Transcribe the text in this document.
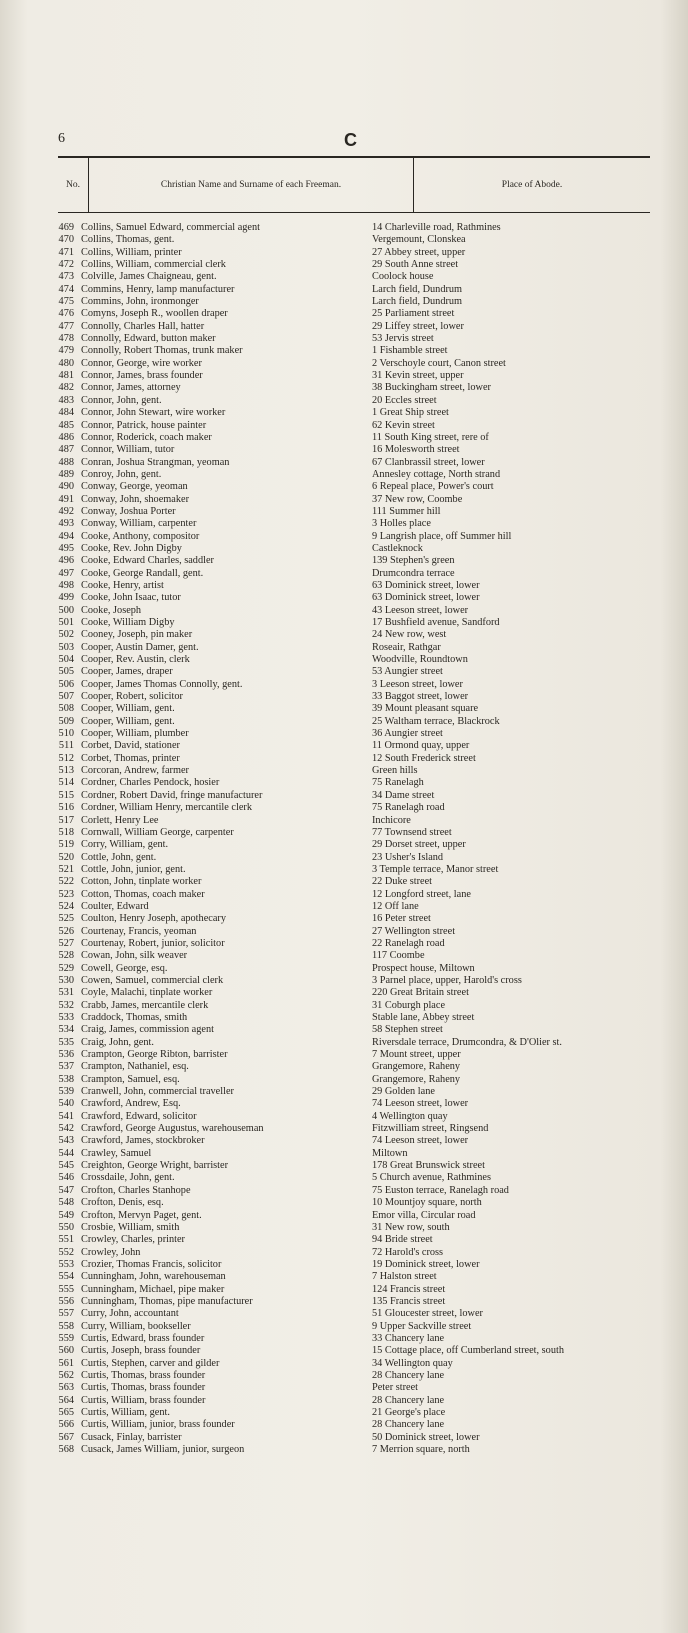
6	C
No.	Christian Name and Surname of each Freeman.	Place of Abode.
469 Collins, Samuel Edward, commercial agent	14 Charleville road, Rathmines
470 Collins, Thomas, gent.	Vergemount, Clonskea
471 Collins, William, printer	27 Abbey street, upper
472 Collins, William, commercial clerk	29 South Anne street
473 Colville, James Chaigneau, gent.	Coolock house
474 Commins, Henry, lamp manufacturer	Larch field, Dundrum
475 Commins, John, ironmonger	Larch field, Dundrum
476 Comyns, Joseph R., woollen draper	25 Parliament street
477 Connolly, Charles Hall, hatter	29 Liffey street, lower
478 Connolly, Edward, button maker	53 Jervis street
479 Connolly, Robert Thomas, trunk maker	1 Fishamble street
480 Connor, George, wire worker	2 Verschoyle court, Canon street
481 Connor, James, brass founder	31 Kevin street, upper
482 Connor, James, attorney	38 Buckingham street, lower
483 Connor, John, gent.	20 Eccles street
484 Connor, John Stewart, wire worker	1 Great Ship street
485 Connor, Patrick, house painter	62 Kevin street
486 Connor, Roderick, coach maker	11 South King street, rere of
487 Connor, William, tutor	16 Molesworth street
488 Conran, Joshua Strangman, yeoman	67 Clanbrassil street, lower
489 Conroy, John, gent.	Annesley cottage, North strand
490 Conway, George, yeoman	6 Repeal place, Power's court
491 Conway, John, shoemaker	37 New row, Coombe
492 Conway, Joshua Porter	111 Summer hill
493 Conway, William, carpenter	3 Holles place
494 Cooke, Anthony, compositor	9 Langrish place, off Summer hill
495 Cooke, Rev. John Digby	Castleknock
496 Cooke, Edward Charles, saddler	139 Stephen's green
497 Cooke, George Randall, gent.	Drumcondra terrace
498 Cooke, Henry, artist	63 Dominick street, lower
499 Cooke, John Isaac, tutor	63 Dominick street, lower
500 Cooke, Joseph	43 Leeson street, lower
501 Cooke, William Digby	17 Bushfield avenue, Sandford
502 Cooney, Joseph, pin maker	24 New row, west
503 Cooper, Austin Damer, gent.	Roseair, Rathgar
504 Cooper, Rev. Austin, clerk	Woodville, Roundtown
505 Cooper, James, draper	53 Aungier street
506 Cooper, James Thomas Connolly, gent.	3 Leeson street, lower
507 Cooper, Robert, solicitor	33 Baggot street, lower
508 Cooper, William, gent.	39 Mount pleasant square
509 Cooper, William, gent.	25 Waltham terrace, Blackrock
510 Cooper, William, plumber	36 Aungier street
511 Corbet, David, stationer	11 Ormond quay, upper
512 Corbet, Thomas, printer	12 South Frederick street
513 Corcoran, Andrew, farmer	Green hills
514 Cordner, Charles Pendock, hosier	75 Ranelagh
515 Cordner, Robert David, fringe manufacturer	34 Dame street
516 Cordner, William Henry, mercantile clerk	75 Ranelagh road
517 Corlett, Henry Lee	Inchicore
518 Cornwall, William George, carpenter	77 Townsend street
519 Corry, William, gent.	29 Dorset street, upper
520 Cottle, John, gent.	23 Usher's Island
521 Cottle, John, junior, gent.	3 Temple terrace, Manor street
522 Cotton, John, tinplate worker	22 Duke street
523 Cotton, Thomas, coach maker	12 Longford street, lane
524 Coulter, Edward	12 Off lane
525 Coulton, Henry Joseph, apothecary	16 Peter street
526 Courtenay, Francis, yeoman	27 Wellington street
527 Courtenay, Robert, junior, solicitor	22 Ranelagh road
528 Cowan, John, silk weaver	117 Coombe
529 Cowell, George, esq.	Prospect house, Miltown
530 Cowen, Samuel, commercial clerk	3 Parnel place, upper, Harold's cross
531 Coyle, Malachi, tinplate worker	220 Great Britain street
532 Crabb, James, mercantile clerk	31 Coburgh place
533 Craddock, Thomas, smith	Stable lane, Abbey street
534 Craig, James, commission agent	58 Stephen street
535 Craig, John, gent.	Riversdale terrace, Drumcondra, & D'Olier st.
536 Crampton, George Ribton, barrister	7 Mount street, upper
537 Crampton, Nathaniel, esq.	Grangemore, Raheny
538 Crampton, Samuel, esq.	Grangemore, Raheny
539 Cranwell, John, commercial traveller	29 Golden lane
540 Crawford, Andrew, Esq.	74 Leeson street, lower
541 Crawford, Edward, solicitor	4 Wellington quay
542 Crawford, George Augustus, warehouseman	Fitzwilliam street, Ringsend
543 Crawford, James, stockbroker	74 Leeson street, lower
544 Crawley, Samuel	Miltown
545 Creighton, George Wright, barrister	178 Great Brunswick street
546 Crossdaile, John, gent.	5 Church avenue, Rathmines
547 Crofton, Charles Stanhope	75 Euston terrace, Ranelagh road
548 Crofton, Denis, esq.	10 Mountjoy square, north
549 Crofton, Mervyn Paget, gent.	Emor villa, Circular road
550 Crosbie, William, smith	31 New row, south
551 Crowley, Charles, printer	94 Bride street
552 Crowley, John	72 Harold's cross
553 Crozier, Thomas Francis, solicitor	19 Dominick street, lower
554 Cunningham, John, warehouseman	7 Halston street
555 Cunningham, Michael, pipe maker	124 Francis street
556 Cunningham, Thomas, pipe manufacturer	135 Francis street
557 Curry, John, accountant	51 Gloucester street, lower
558 Curry, William, bookseller	9 Upper Sackville street
559 Curtis, Edward, brass founder	33 Chancery lane
560 Curtis, Joseph, brass founder	15 Cottage place, off Cumberland street, south
561 Curtis, Stephen, carver and gilder	34 Wellington quay
562 Curtis, Thomas, brass founder	28 Chancery lane
563 Curtis, Thomas, brass founder	Peter street
564 Curtis, William, brass founder	28 Chancery lane
565 Curtis, William, gent.	21 George's place
566 Curtis, William, junior, brass founder	28 Chancery lane
567 Cusack, Finlay, barrister	50 Dominick street, lower
568 Cusack, James William, junior, surgeon	7 Merrion square, north
